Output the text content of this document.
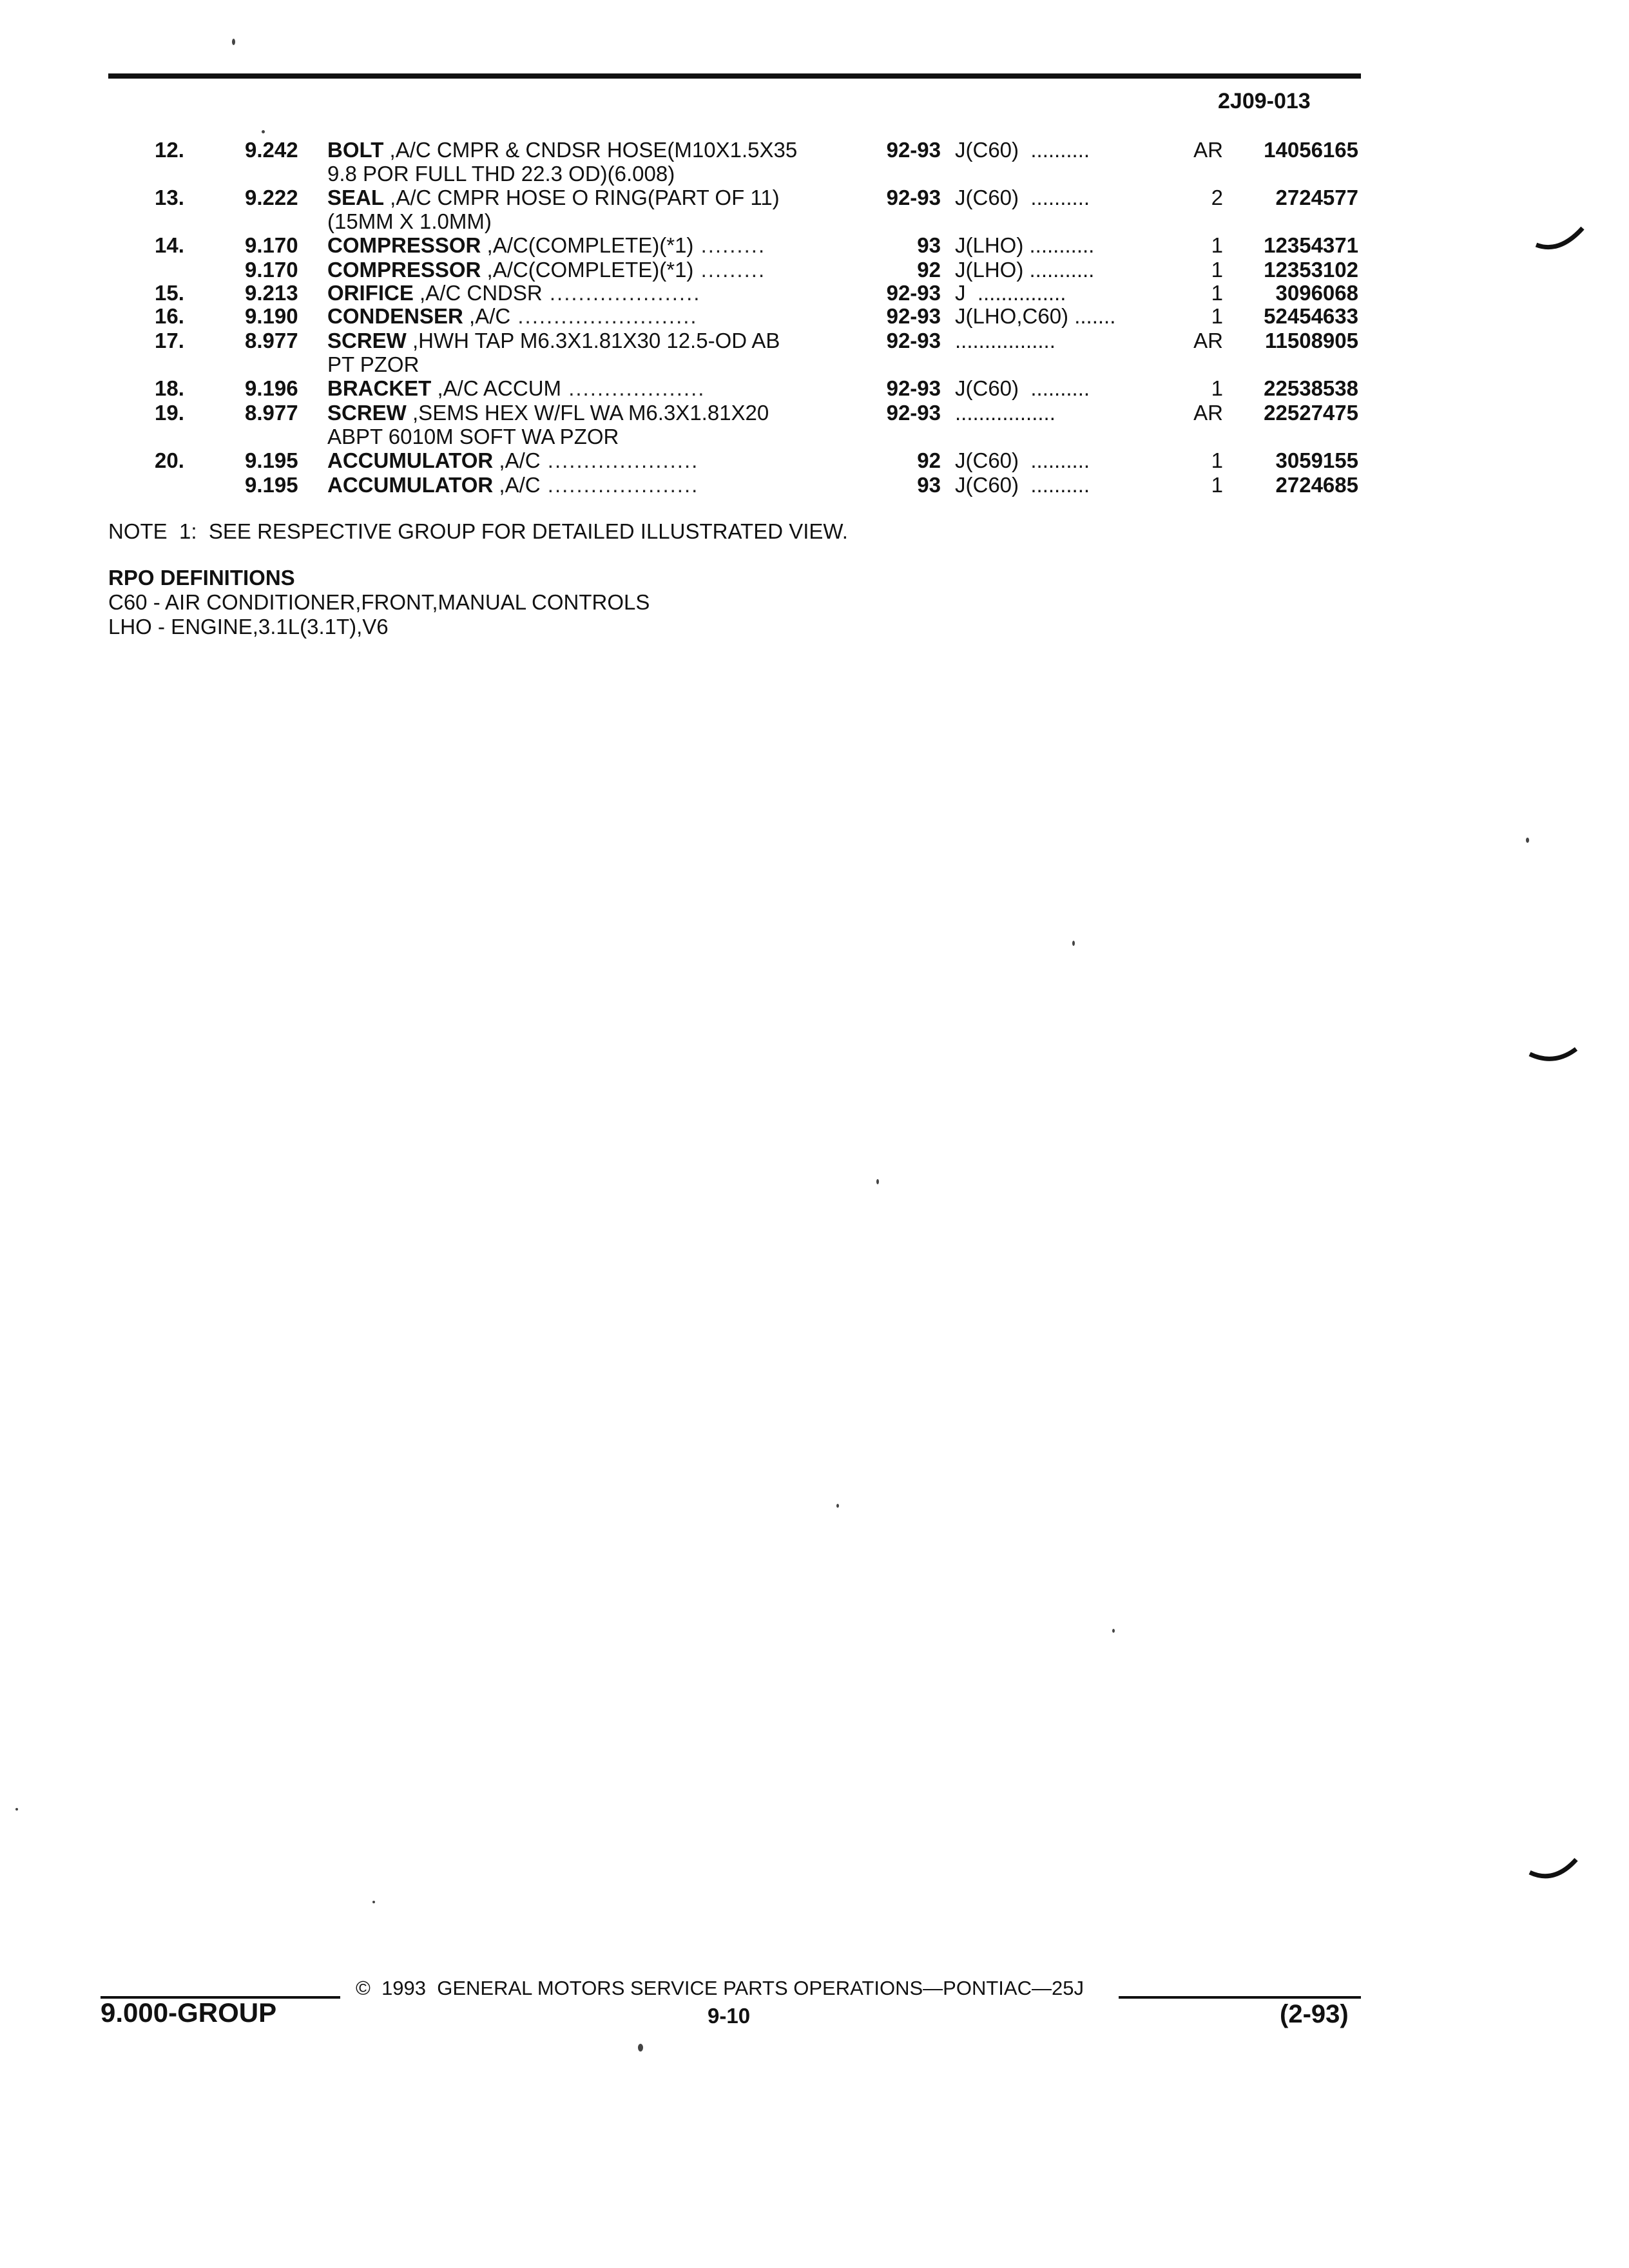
2J09-013
12.	9.242 BOLT ,A/C CMPR & CNDSR HOSE(M10X1.5X35	92-93 J(C60)  ..........	AR 14056165
9.8 POR FULL THD 22.3 OD)(6.008)
13.	9.222 SEAL ,A/C CMPR HOSE O RING(PART OF 11)	92-93 J(C60)  ..........	2 2724577
(15MM X 1.0MM)
14.	9.170 COMPRESSOR ,A/C(COMPLETE)(*1) .........	93 J(LHO) ...........	1 12354371
9.170 COMPRESSOR ,A/C(COMPLETE)(*1) .........	92 J(LHO) ...........	1 12353102
15.	9.213 ORIFICE ,A/C CNDSR .....................	92-93 J  ...............	1 3096068
16.	9.190 CONDENSER ,A/C .........................	92-93 J(LHO,C60) .......	1 52454633
17.	8.977 SCREW ,HWH TAP M6.3X1.81X30 12.5-OD AB	92-93 .................	AR 11508905
PT PZOR
18.	9.196 BRACKET ,A/C ACCUM ...................	92-93 J(C60)  ..........	1 22538538
19.	8.977 SCREW ,SEMS HEX W/FL WA M6.3X1.81X20	92-93 .................	AR 22527475
ABPT 6010M SOFT WA PZOR
20.	9.195 ACCUMULATOR ,A/C .....................	92 J(C60)  ..........	1 3059155
9.195 ACCUMULATOR ,A/C .....................	93 J(C60)  ..........	1 2724685
NOTE  1:  SEE RESPECTIVE GROUP FOR DETAILED ILLUSTRATED VIEW.
RPO DEFINITIONS
C60 - AIR CONDITIONER,FRONT,MANUAL CONTROLS
LHO - ENGINE,3.1L(3.1T),V6
©  1993  GENERAL MOTORS SERVICE PARTS OPERATIONS—PONTIAC—25J
9.000-GROUP	9-10	(2-93)
